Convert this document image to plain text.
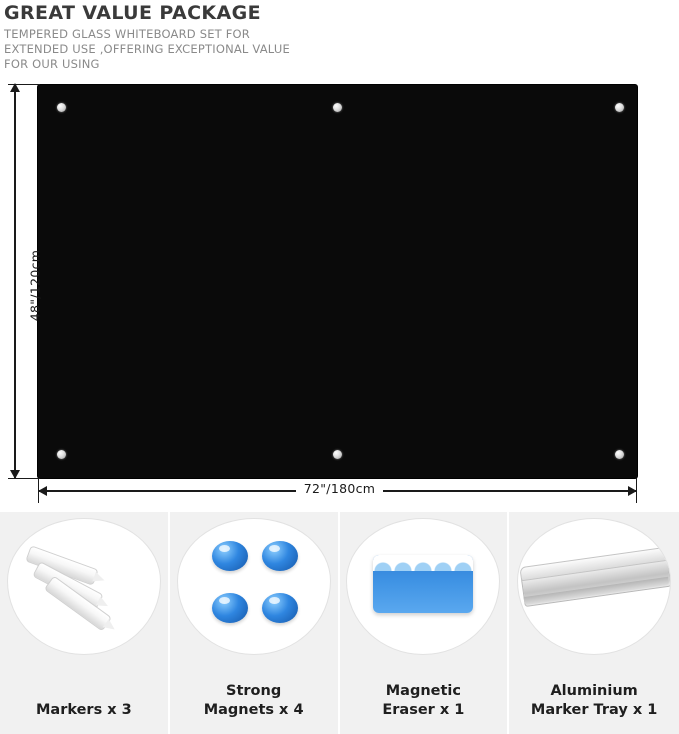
GREAT VALUE PACKAGE
TEMPERED GLASS WHITEBOARD SET FOR EXTENDED USE ,OFFERING EXCEPTIONAL VALUE FOR OUR USING
48"/120cm
72"/180cm
Markers x 3
Strong
Magnets x 4
Magnetic
Eraser x 1
Aluminium
Marker Tray x 1
